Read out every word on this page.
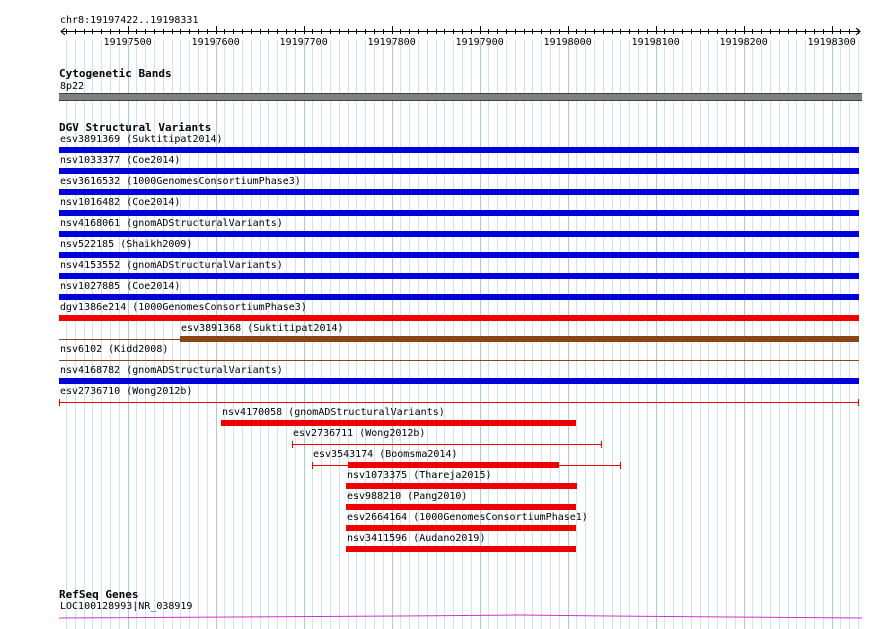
19197500	19197600	19197700	19197800	19197900	19198000	19198100	19198200	19198300
chr8:19197422..19198331
Cytogenetic Bands
8p22
DGV Structural Variants
esv3891369 (Suktitipat2014)
nsv1033377 (Coe2014)
esv3616532 (1000GenomesConsortiumPhase3)
nsv1016482 (Coe2014)
nsv4168061 (gnomADStructuralVariants)
nsv522185 (Shaikh2009)
nsv4153552 (gnomADStructuralVariants)
nsv1027885 (Coe2014)
dgv1386e214 (1000GenomesConsortiumPhase3)
esv3891368 (Suktitipat2014)
nsv6102 (Kidd2008)
nsv4168782 (gnomADStructuralVariants)
esv2736710 (Wong2012b)
nsv4170058 (gnomADStructuralVariants)
esv2736711 (Wong2012b)
esv3543174 (Boomsma2014)
nsv1073375 (Thareja2015)
esv988210 (Pang2010)
esv2664164 (1000GenomesConsortiumPhase1)
nsv3411596 (Audano2019)
RefSeq Genes
LOC100128993|NR_038919
